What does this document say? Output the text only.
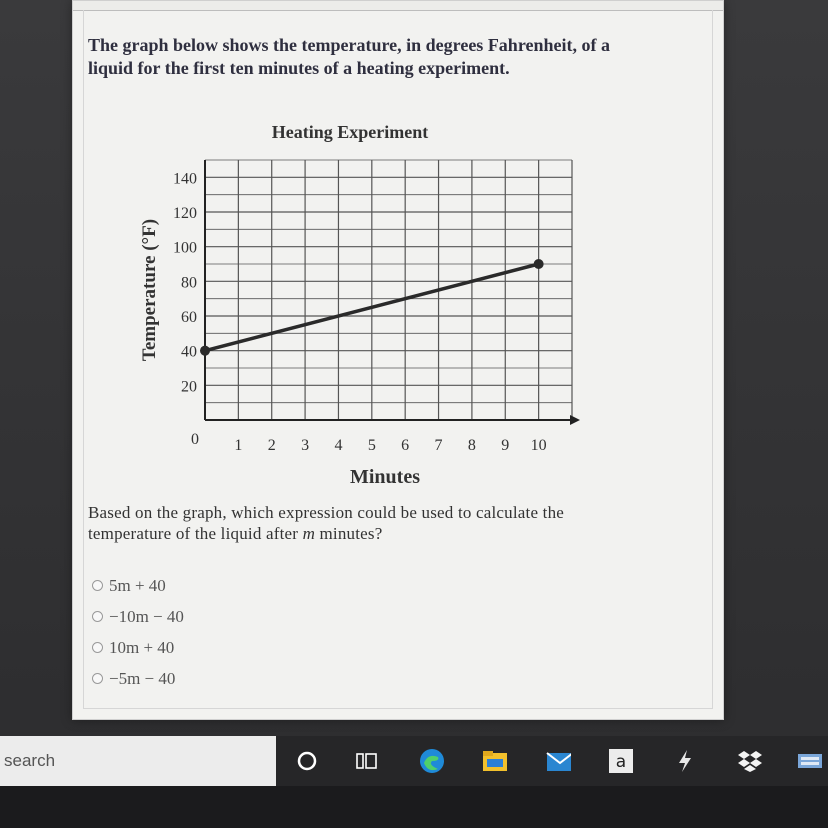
The graph below shows the temperature, in degrees Fahrenheit, of a liquid for the first ten minutes of a heating experiment.
Heating Experiment
20
40
60
80
100
120
140
0 1 2 3 4 5 6 7 8 9 10
Temperature (°F)
Minutes
Based on the graph, which expression could be used to calculate the temperature of the liquid after m minutes?
5m + 40
−10m − 40
10m + 40
−5m − 40
search	a
